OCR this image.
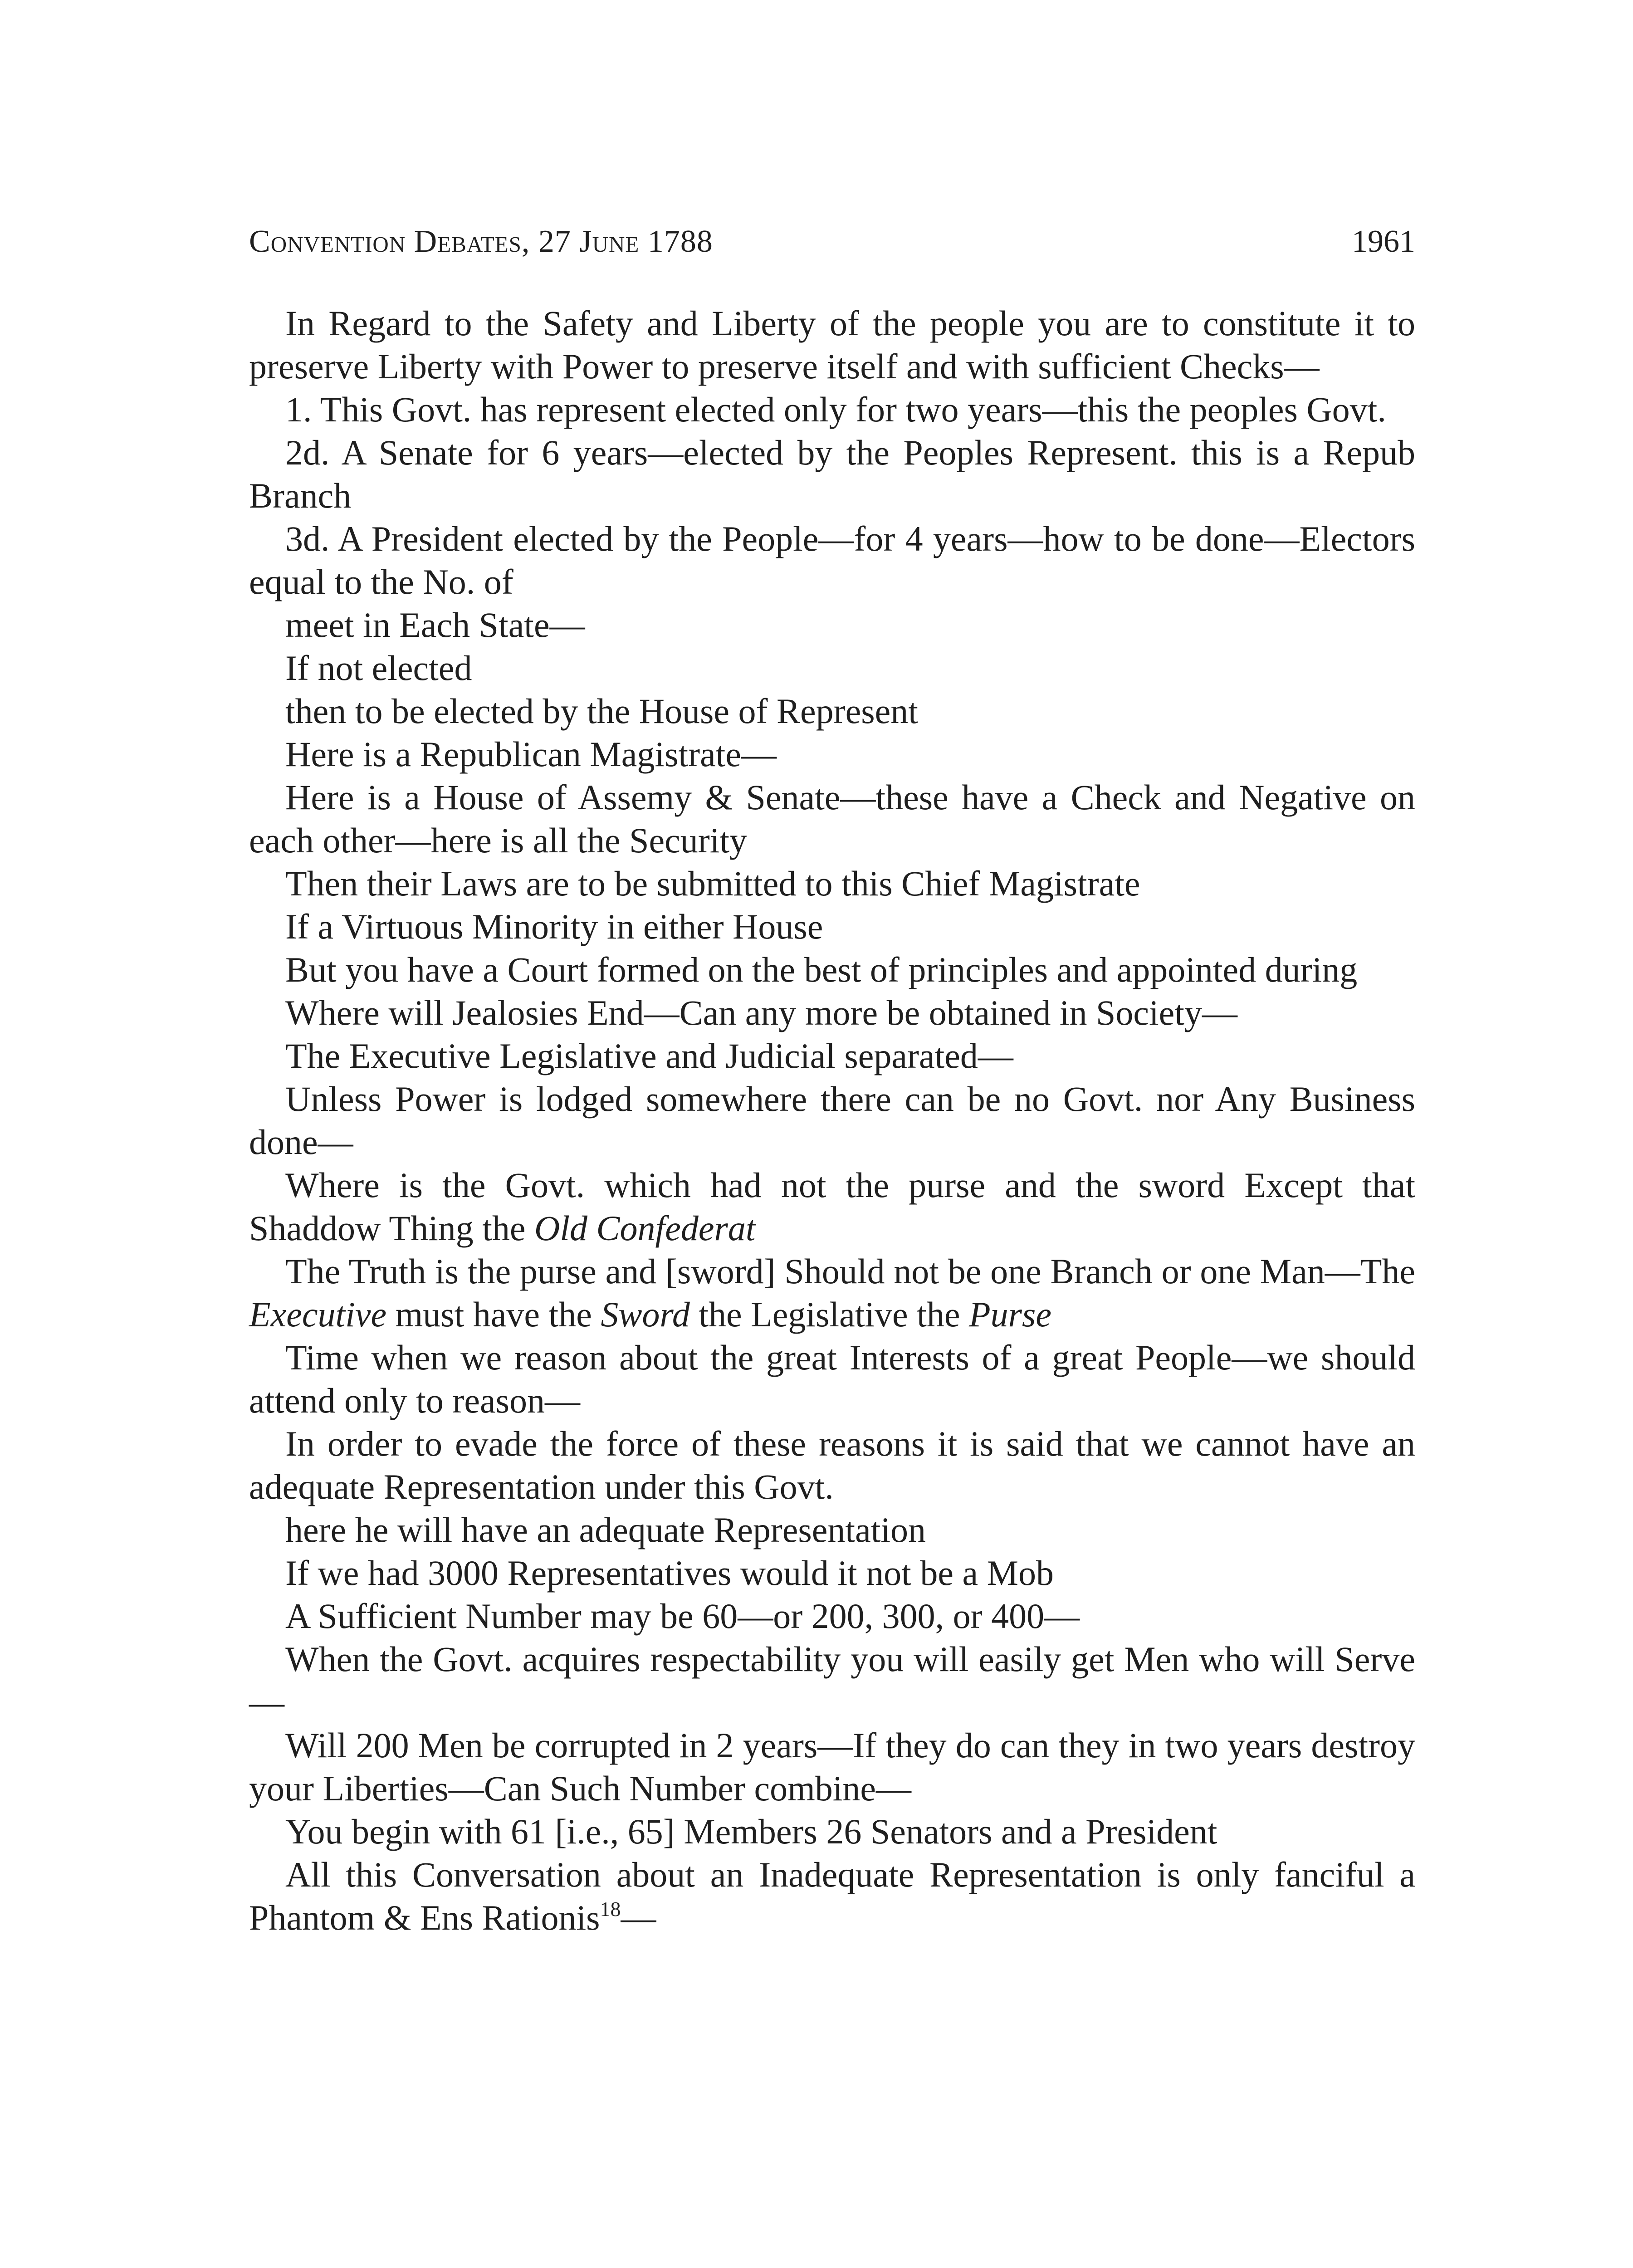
Convention Debates, 27 June 1788	1961

In Regard to the Safety and Liberty of the people you are to constitute it to preserve Liberty with Power to preserve itself and with sufficient Checks—

1. This Govt. has represent elected only for two years—this the peoples Govt.

2d. A Senate for 6 years—elected by the Peoples Represent. this is a Repub Branch

3d. A President elected by the People—for 4 years—how to be done—Electors equal to the No. of

meet in Each State—

If not elected

then to be elected by the House of Represent

Here is a Republican Magistrate—

Here is a House of Assemy & Senate—these have a Check and Negative on each other—here is all the Security

Then their Laws are to be submitted to this Chief Magistrate

If a Virtuous Minority in either House

But you have a Court formed on the best of principles and appointed during

Where will Jealosies End—Can any more be obtained in Society—

The Executive Legislative and Judicial separated—

Unless Power is lodged somewhere there can be no Govt. nor Any Business done—

Where is the Govt. which had not the purse and the sword Except that Shaddow Thing the Old Confederat

The Truth is the purse and [sword] Should not be one Branch or one Man—The Executive must have the Sword the Legislative the Purse

Time when we reason about the great Interests of a great People—we should attend only to reason—

In order to evade the force of these reasons it is said that we cannot have an adequate Representation under this Govt.

here he will have an adequate Representation

If we had 3000 Representatives would it not be a Mob

A Sufficient Number may be 60—or 200, 300, or 400—

When the Govt. acquires respectability you will easily get Men who will Serve—

Will 200 Men be corrupted in 2 years—If they do can they in two years destroy your Liberties—Can Such Number combine—

You begin with 61 [i.e., 65] Members 26 Senators and a President

All this Conversation about an Inadequate Representation is only fanciful a Phantom & Ens Rationis$^{18}$—
